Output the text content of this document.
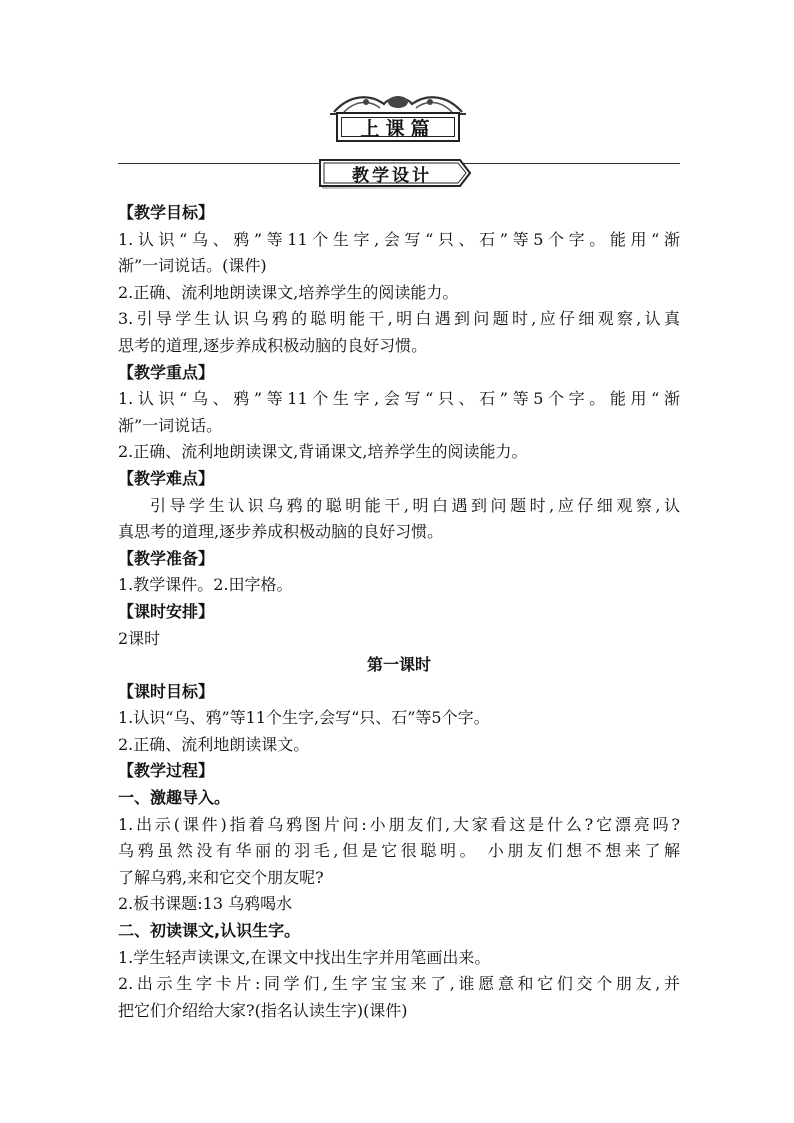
上课篇
教学设计
【教学目标】
1.认识“乌、鸦”等11个生字,会写“只、石”等5个字。能用“渐
渐”一词说话。(课件)
2.正确、流利地朗读课文,培养学生的阅读能力。
3.引导学生认识乌鸦的聪明能干,明白遇到问题时,应仔细观察,认真
思考的道理,逐步养成积极动脑的良好习惯。
【教学重点】
1.认识“乌、鸦”等11个生字,会写“只、石”等5个字。能用“渐
渐”一词说话。
2.正确、流利地朗读课文,背诵课文,培养学生的阅读能力。
【教学难点】
引导学生认识乌鸦的聪明能干,明白遇到问题时,应仔细观察,认
真思考的道理,逐步养成积极动脑的良好习惯。
【教学准备】
1.教学课件。2.田字格。
【课时安排】
2课时
第一课时
【课时目标】
1.认识“乌、鸦”等11个生字,会写“只、石”等5个字。
2.正确、流利地朗读课文。
【教学过程】
一、激趣导入。
1.出示(课件)指着乌鸦图片问:小朋友们,大家看这是什么?它漂亮吗?
乌鸦虽然没有华丽的羽毛,但是它很聪明。 小朋友们想不想来了解
了解乌鸦,来和它交个朋友呢?
2.板书课题:13 乌鸦喝水
二、初读课文,认识生字。
1.学生轻声读课文,在课文中找出生字并用笔画出来。
2.出示生字卡片:同学们,生字宝宝来了,谁愿意和它们交个朋友,并
把它们介绍给大家?(指名认读生字)(课件)
